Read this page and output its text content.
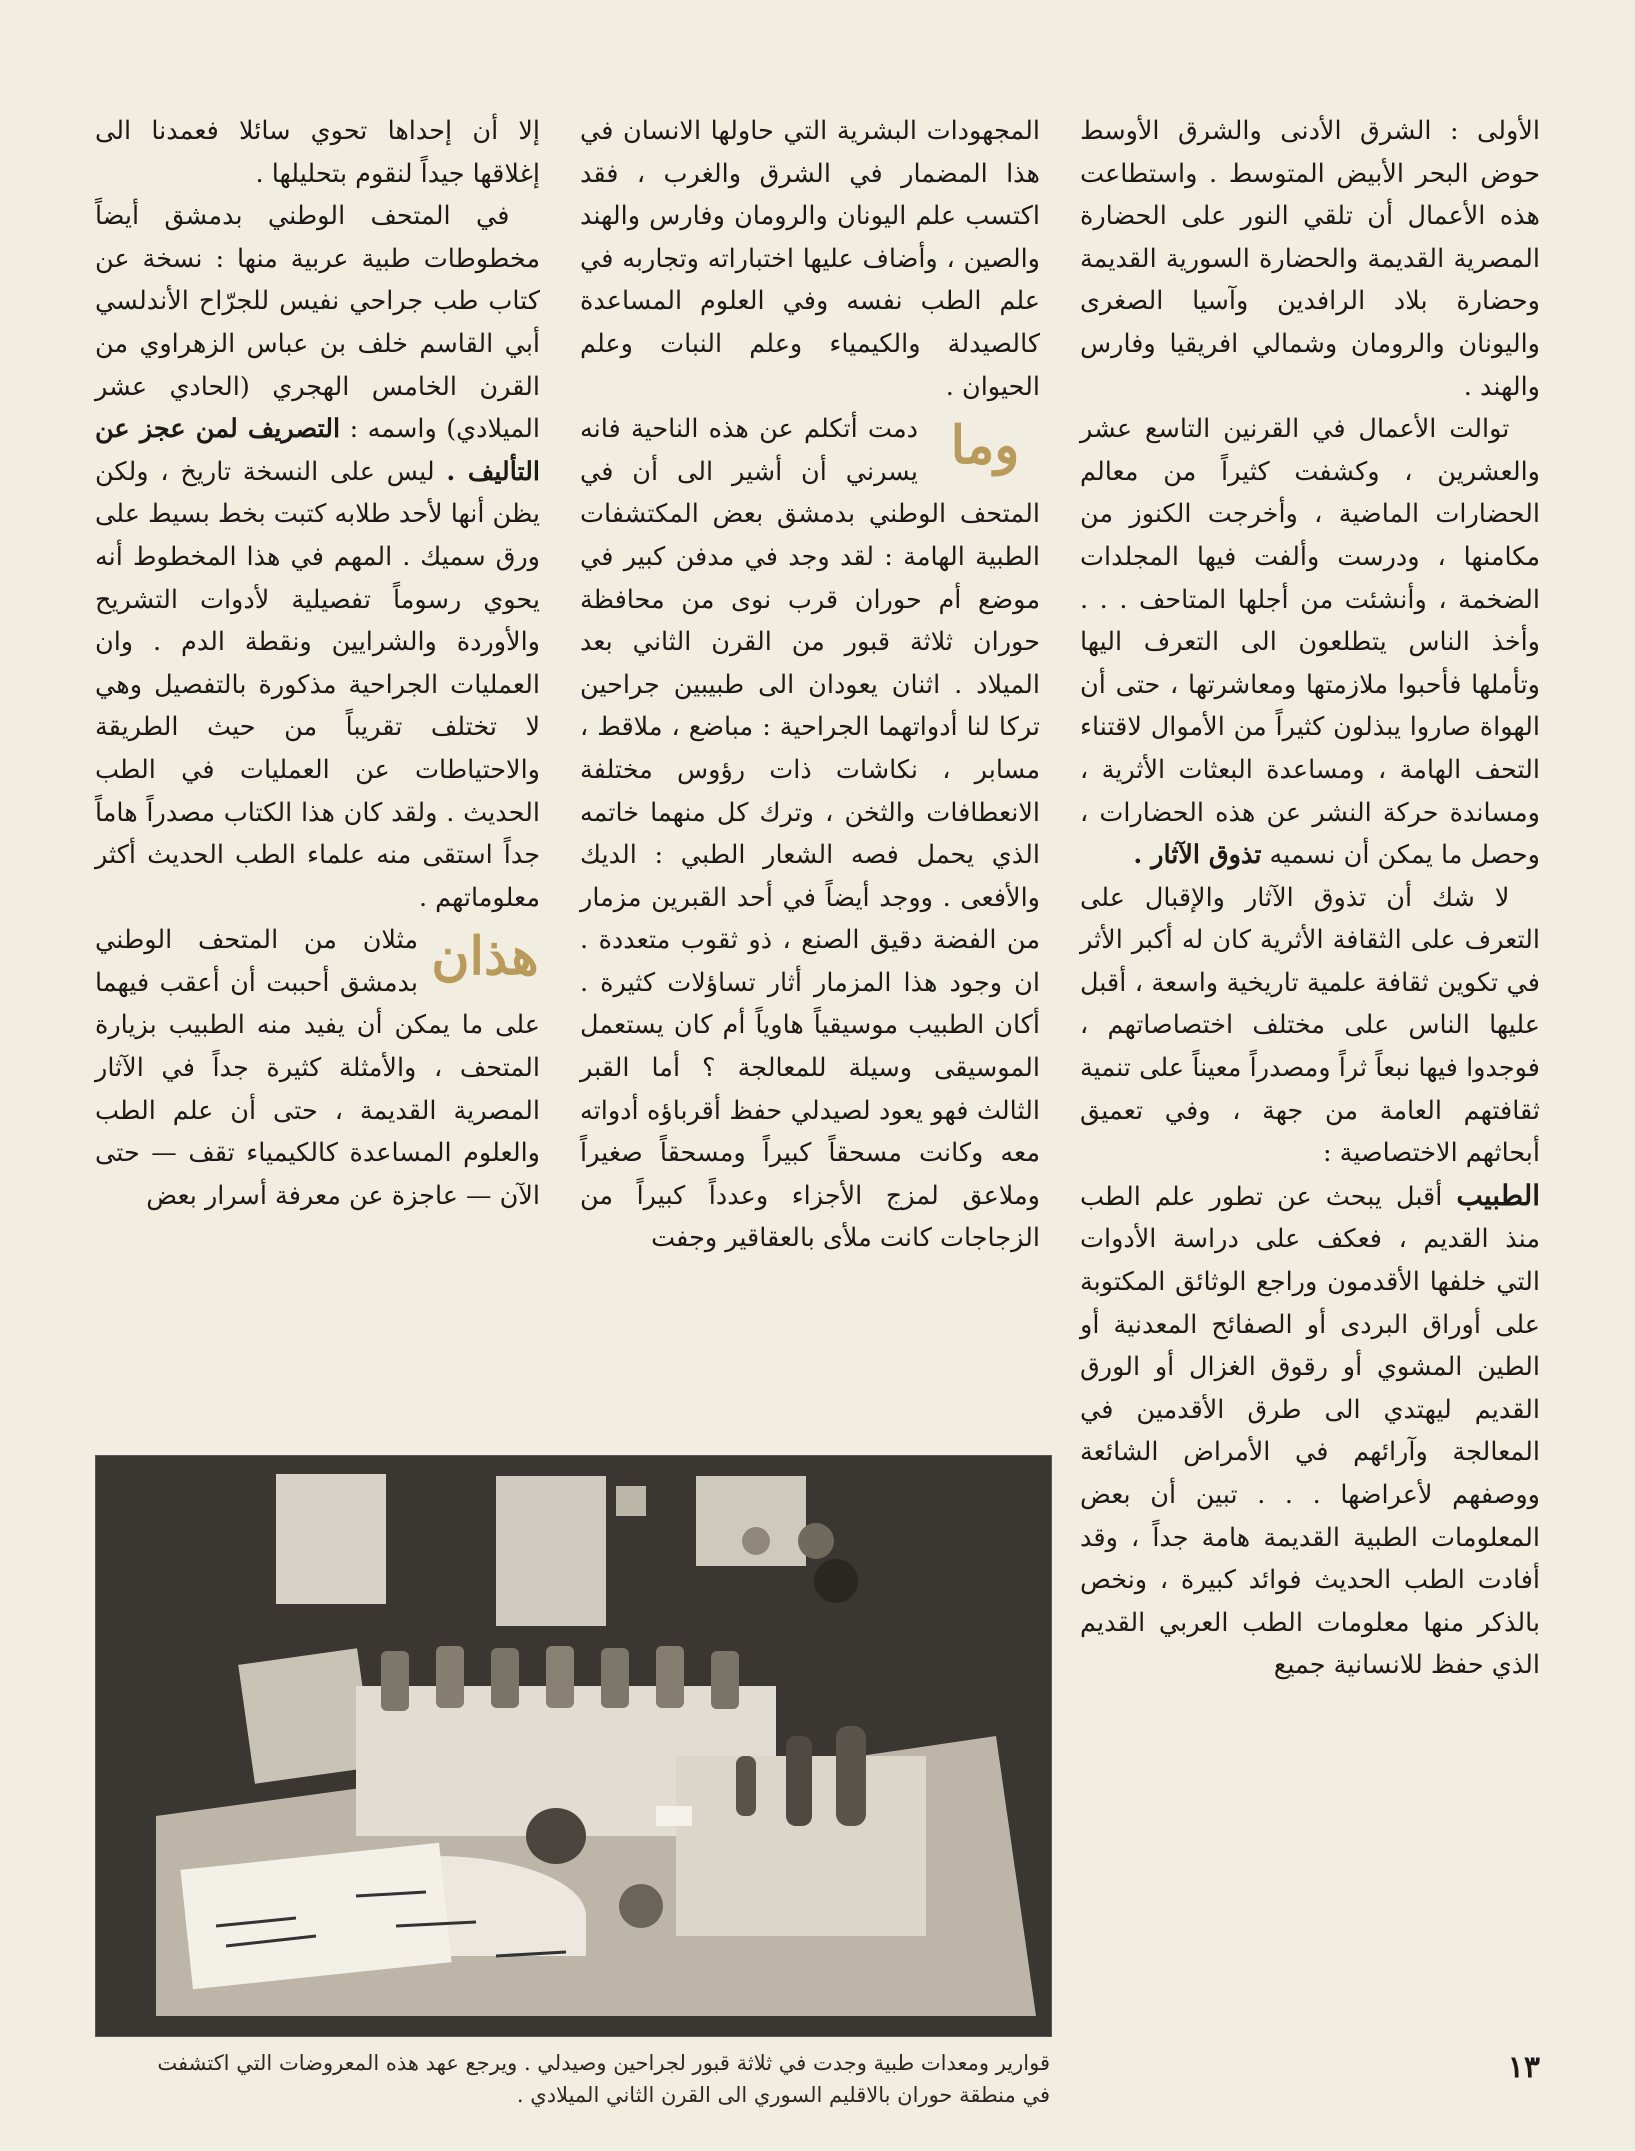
الأولى : الشرق الأدنى والشرق الأوسط حوض البحر الأبيض المتوسط . واستطاعت هذه الأعمال أن تلقي النور على الحضارة المصرية القديمة والحضارة السورية القديمة وحضارة بلاد الرافدين وآسيا الصغرى واليونان والرومان وشمالي افريقيا وفارس والهند .

توالت الأعمال في القرنين التاسع عشر والعشرين ، وكشفت كثيراً من معالم الحضارات الماضية ، وأخرجت الكنوز من مكامنها ، ودرست وألفت فيها المجلدات الضخمة ، وأنشئت من أجلها المتاحف . . . وأخذ الناس يتطلعون الى التعرف اليها وتأملها فأحبوا ملازمتها ومعاشرتها ، حتى أن الهواة صاروا يبذلون كثيراً من الأموال لاقتناء التحف الهامة ، ومساعدة البعثات الأثرية ، ومساندة حركة النشر عن هذه الحضارات ، وحصل ما يمكن أن نسميه تذوق الآثار .

لا شك أن تذوق الآثار والإقبال على التعرف على الثقافة الأثرية كان له أكبر الأثر في تكوين ثقافة علمية تاريخية واسعة ، أقبل عليها الناس على مختلف اختصاصاتهم ، فوجدوا فيها نبعاً ثراً ومصدراً معيناً على تنمية ثقافتهم العامة من جهة ، وفي تعميق أبحاثهم الاختصاصية :

الطبيب أقبل يبحث عن تطور علم الطب منذ القديم ، فعكف على دراسة الأدوات التي خلفها الأقدمون وراجع الوثائق المكتوبة على أوراق البردى أو الصفائح المعدنية أو الطين المشوي أو رقوق الغزال أو الورق القديم ليهتدي الى طرق الأقدمين في المعالجة وآرائهم في الأمراض الشائعة ووصفهم لأعراضها . . . تبين أن بعض المعلومات الطبية القديمة هامة جداً ، وقد أفادت الطب الحديث فوائد كبيرة ، ونخص بالذكر منها معلومات الطب العربي القديم الذي حفظ للانسانية جميع

المجهودات البشرية التي حاولها الانسان في هذا المضمار في الشرق والغرب ، فقد اكتسب علم اليونان والرومان وفارس والهند والصين ، وأضاف عليها اختباراته وتجاربه في علم الطب نفسه وفي العلوم المساعدة كالصيدلة والكيمياء وعلم النبات وعلم الحيوان .

وما
دمت أتكلم عن هذه الناحية فانه يسرني أن أشير الى أن في المتحف الوطني بدمشق بعض المكتشفات الطبية الهامة : لقد وجد في مدفن كبير في موضع أم حوران قرب نوى من محافظة حوران ثلاثة قبور من القرن الثاني بعد الميلاد . اثنان يعودان الى طبيبين جراحين تركا لنا أدواتهما الجراحية : مباضع ، ملاقط ، مسابر ، نكاشات ذات رؤوس مختلفة الانعطافات والثخن ، وترك كل منهما خاتمه الذي يحمل فصه الشعار الطبي : الديك والأفعى . ووجد أيضاً في أحد القبرين مزمار من الفضة دقيق الصنع ، ذو ثقوب متعددة . ان وجود هذا المزمار أثار تساؤلات كثيرة . أكان الطبيب موسيقياً هاوياً أم كان يستعمل الموسيقى وسيلة للمعالجة ؟ أما القبر الثالث فهو يعود لصيدلي حفظ أقرباؤه أدواته معه وكانت مسحقاً كبيراً ومسحقاً صغيراً وملاعق لمزج الأجزاء وعدداً كبيراً من الزجاجات كانت ملأى بالعقاقير وجفت

إلا أن إحداها تحوي سائلا فعمدنا الى إغلاقها جيداً لنقوم بتحليلها .

في المتحف الوطني بدمشق أيضاً مخطوطات طبية عربية منها : نسخة عن كتاب طب جراحي نفيس للجرّاح الأندلسي أبي القاسم خلف بن عباس الزهراوي من القرن الخامس الهجري (الحادي عشر الميلادي) واسمه : التصريف لمن عجز عن التأليف . ليس على النسخة تاريخ ، ولكن يظن أنها لأحد طلابه كتبت بخط بسيط على ورق سميك . المهم في هذا المخطوط أنه يحوي رسوماً تفصيلية لأدوات التشريح والأوردة والشرايين ونقطة الدم . وان العمليات الجراحية مذكورة بالتفصيل وهي لا تختلف تقريباً من حيث الطريقة والاحتياطات عن العمليات في الطب الحديث . ولقد كان هذا الكتاب مصدراً هاماً جداً استقى منه علماء الطب الحديث أكثر معلوماتهم .

هذان
مثلان من المتحف الوطني بدمشق أحببت أن أعقب فيهما على ما يمكن أن يفيد منه الطبيب بزيارة المتحف ، والأمثلة كثيرة جداً في الآثار المصرية القديمة ، حتى أن علم الطب والعلوم المساعدة كالكيمياء تقف — حتى الآن — عاجزة عن معرفة أسرار بعض

قوارير ومعدات طبية وجدت في ثلاثة قبور لجراحين وصيدلي . ويرجع عهد هذه المعروضات التي اكتشفت

في منطقة حوران بالاقليم السوري الى القرن الثاني الميلادي .

١٣
